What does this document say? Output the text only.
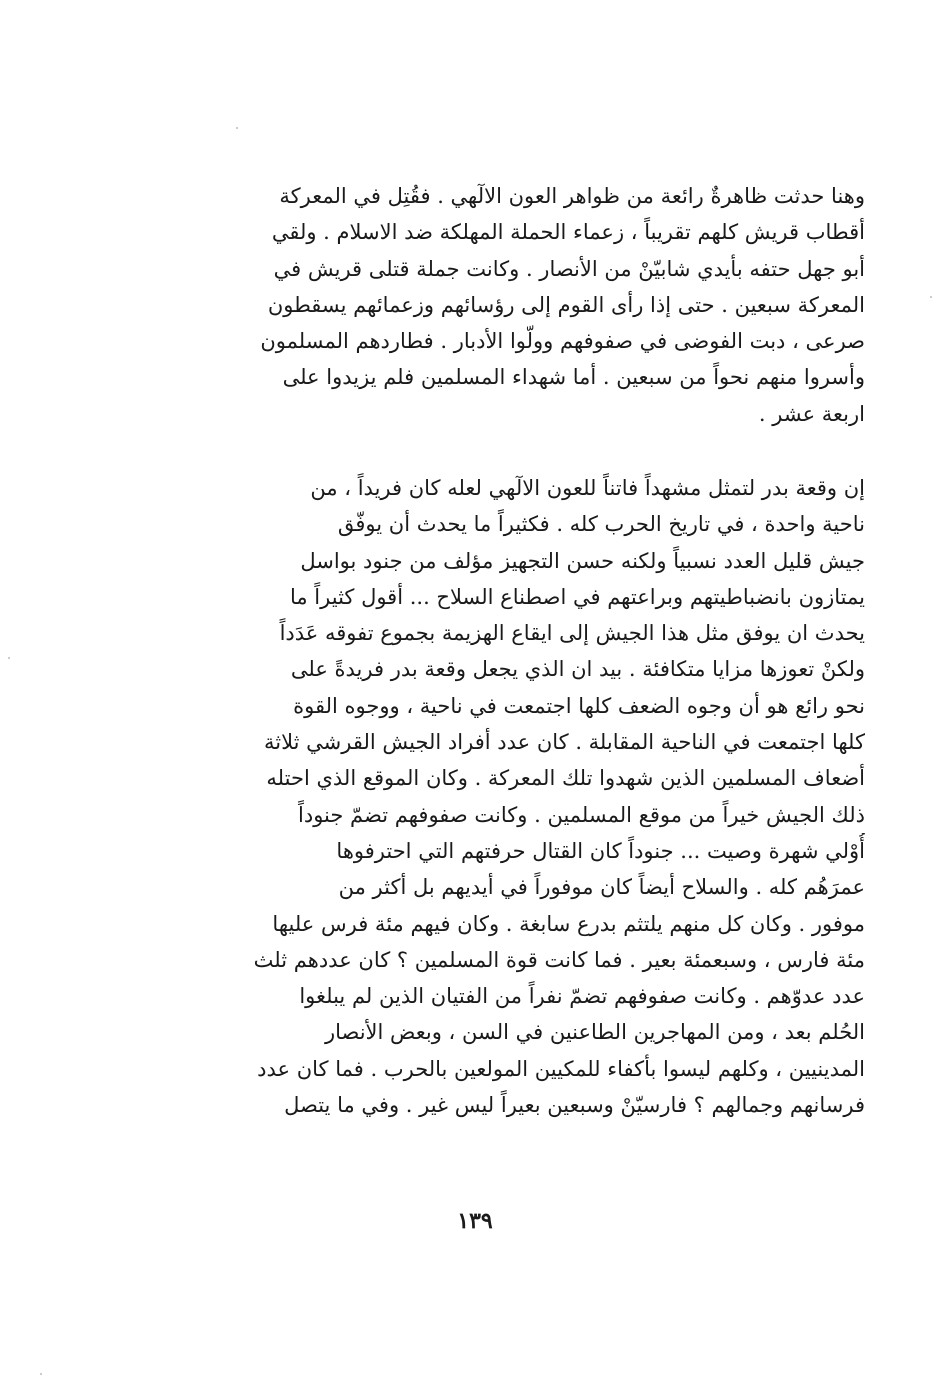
وهنا حدثت ظاهرةٌ رائعة من ظواهر العون الالٓهي . فقُتِل في المعركة
أقطاب قريش كلهم تقريباً ، زعماء الحملة المهلكة ضد الاسلام . ولقي
أبو جهل حتفه بأيدي شابيّنْ من الأنصار . وكانت جملة قتلى قريش في
المعركة سبعين . حتى إذا رأى القوم إلى رؤسائهم وزعمائهم يسقطون
صرعى ، دبت الفوضى في صفوفهم وولّوا الأدبار . فطاردهم المسلمون
وأسروا منهم نحواً من سبعين . أما شهداء المسلمين فلم يزيدوا على
اربعة عشر .
إن وقعة بدر لتمثل مشهداً فاتناً للعون الالٓهي لعله كان فريداً ، من
ناحية واحدة ، في تاريخ الحرب كله . فكثيراً ما يحدث أن يوفّق
جيش قليل العدد نسبياً ولكنه حسن التجهيز مؤلف من جنود بواسل
يمتازون بانضباطيتهم وبراعتهم في اصطناع السلاح ... أقول كثيراً ما
يحدث ان يوفق مثل هذا الجيش إلى ايقاع الهزيمة بجموع تفوقه عَدَداً
ولكنْ تعوزها مزايا متكافئة . بيد ان الذي يجعل وقعة بدر فريدةً على
نحو رائع هو أن وجوه الضعف كلها اجتمعت في ناحية ، ووجوه القوة
كلها اجتمعت في الناحية المقابلة . كان عدد أفراد الجيش القرشي ثلاثة
أضعاف المسلمين الذين شهدوا تلك المعركة . وكان الموقع الذي احتله
ذلك الجيش خيراً من موقع المسلمين . وكانت صفوفهم تضمّ جنوداً
أُوْلي شهرة وصيت ... جنوداً كان القتال حرفتهم التي احترفوها
عمرَهُم كله . والسلاح أيضاً كان موفوراً في أيديهم بل أكثر من
موفور . وكان كل منهم يلتثم بدرع سابغة . وكان فيهم مئة فرس عليها
مئة فارس ، وسبعمئة بعير . فما كانت قوة المسلمين ؟ كان عددهم ثلث
عدد عدوّهم . وكانت صفوفهم تضمّ نفراً من الفتيان الذين لم يبلغوا
الحُلم بعد ، ومن المهاجرين الطاعنين في السن ، وبعض الأنصار
المدينيين ، وكلهم ليسوا بأكفاء للمكيين المولعين بالحرب . فما كان عدد
فرسانهم وجمالهم ؟ فارسيّنْ وسبعين بعيراً ليس غير . وفي ما يتصل
١٣٩
